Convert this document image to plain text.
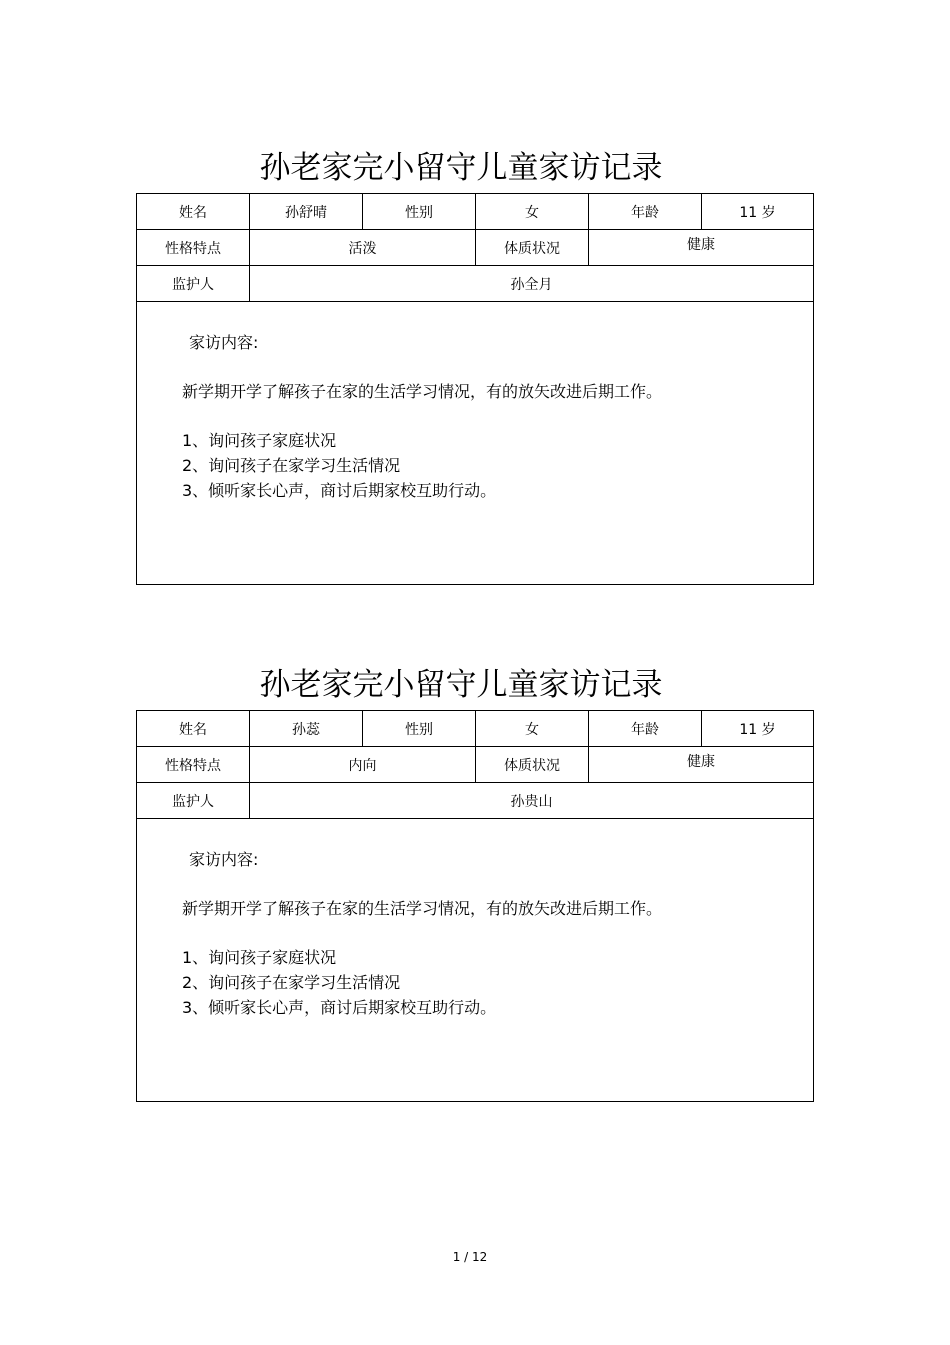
孙老家完小留守儿童家访记录
姓名	孙舒晴	性别	女	年龄	11 岁
性格特点	活泼	体质状况	健康
监护人	孙全月
家访内容:
新学期开学了解孩子在家的生活学习情况，有的放矢改进后期工作。
1、询问孩子家庭状况
2、询问孩子在家学习生活情况
3、倾听家长心声，商讨后期家校互助行动。
孙老家完小留守儿童家访记录
姓名	孙蕊	性别	女	年龄	11 岁
性格特点	内向	体质状况	健康
监护人	孙贵山
家访内容:
新学期开学了解孩子在家的生活学习情况，有的放矢改进后期工作。
1、询问孩子家庭状况
2、询问孩子在家学习生活情况
3、倾听家长心声，商讨后期家校互助行动。
1 / 12
